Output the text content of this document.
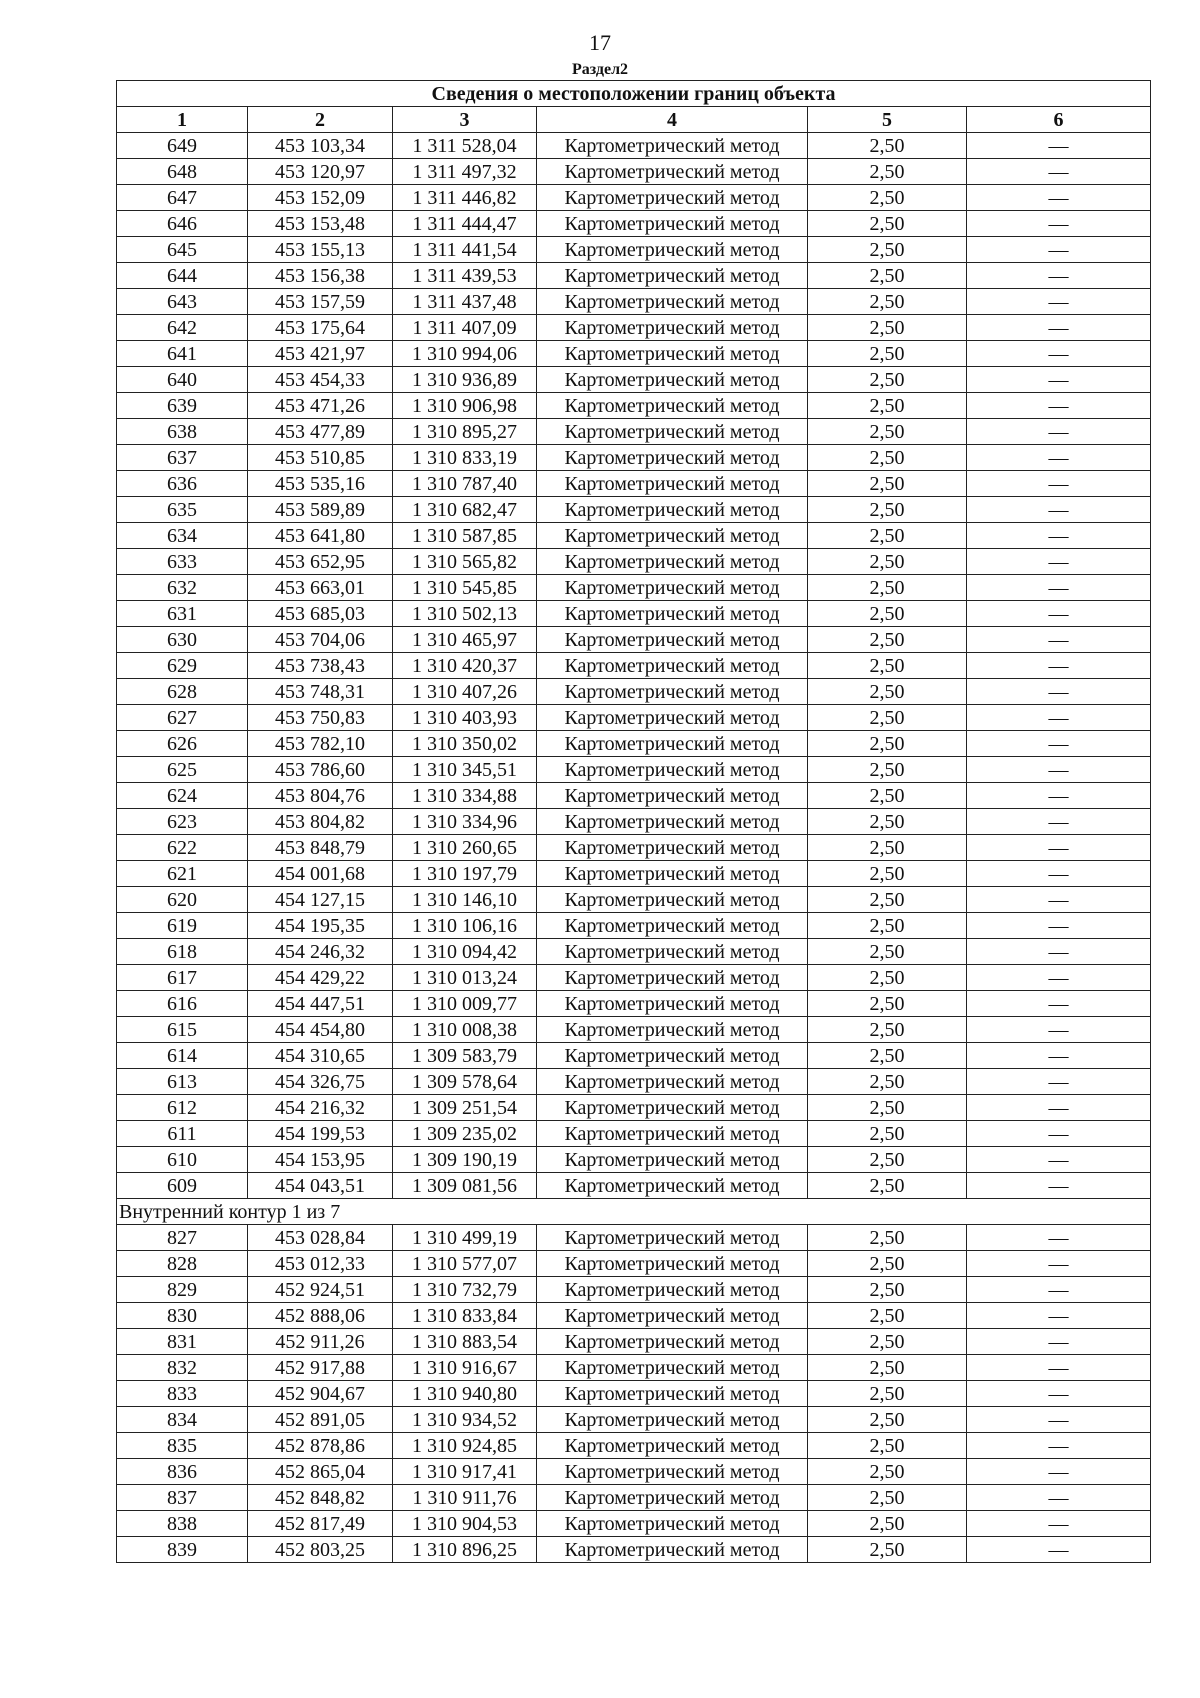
17
Раздел2
Сведения о местоположении границ объекта					
1	2	3	4	5	6
649	453 103,34	1 311 528,04	Картометрический метод	2,50	—
648	453 120,97	1 311 497,32	Картометрический метод	2,50	—
647	453 152,09	1 311 446,82	Картометрический метод	2,50	—
646	453 153,48	1 311 444,47	Картометрический метод	2,50	—
645	453 155,13	1 311 441,54	Картометрический метод	2,50	—
644	453 156,38	1 311 439,53	Картометрический метод	2,50	—
643	453 157,59	1 311 437,48	Картометрический метод	2,50	—
642	453 175,64	1 311 407,09	Картометрический метод	2,50	—
641	453 421,97	1 310 994,06	Картометрический метод	2,50	—
640	453 454,33	1 310 936,89	Картометрический метод	2,50	—
639	453 471,26	1 310 906,98	Картометрический метод	2,50	—
638	453 477,89	1 310 895,27	Картометрический метод	2,50	—
637	453 510,85	1 310 833,19	Картометрический метод	2,50	—
636	453 535,16	1 310 787,40	Картометрический метод	2,50	—
635	453 589,89	1 310 682,47	Картометрический метод	2,50	—
634	453 641,80	1 310 587,85	Картометрический метод	2,50	—
633	453 652,95	1 310 565,82	Картометрический метод	2,50	—
632	453 663,01	1 310 545,85	Картометрический метод	2,50	—
631	453 685,03	1 310 502,13	Картометрический метод	2,50	—
630	453 704,06	1 310 465,97	Картометрический метод	2,50	—
629	453 738,43	1 310 420,37	Картометрический метод	2,50	—
628	453 748,31	1 310 407,26	Картометрический метод	2,50	—
627	453 750,83	1 310 403,93	Картометрический метод	2,50	—
626	453 782,10	1 310 350,02	Картометрический метод	2,50	—
625	453 786,60	1 310 345,51	Картометрический метод	2,50	—
624	453 804,76	1 310 334,88	Картометрический метод	2,50	—
623	453 804,82	1 310 334,96	Картометрический метод	2,50	—
622	453 848,79	1 310 260,65	Картометрический метод	2,50	—
621	454 001,68	1 310 197,79	Картометрический метод	2,50	—
620	454 127,15	1 310 146,10	Картометрический метод	2,50	—
619	454 195,35	1 310 106,16	Картометрический метод	2,50	—
618	454 246,32	1 310 094,42	Картометрический метод	2,50	—
617	454 429,22	1 310 013,24	Картометрический метод	2,50	—
616	454 447,51	1 310 009,77	Картометрический метод	2,50	—
615	454 454,80	1 310 008,38	Картометрический метод	2,50	—
614	454 310,65	1 309 583,79	Картометрический метод	2,50	—
613	454 326,75	1 309 578,64	Картометрический метод	2,50	—
612	454 216,32	1 309 251,54	Картометрический метод	2,50	—
611	454 199,53	1 309 235,02	Картометрический метод	2,50	—
610	454 153,95	1 309 190,19	Картометрический метод	2,50	—
609	454 043,51	1 309 081,56	Картометрический метод	2,50	—
Внутренний контур 1 из 7					
827	453 028,84	1 310 499,19	Картометрический метод	2,50	—
828	453 012,33	1 310 577,07	Картометрический метод	2,50	—
829	452 924,51	1 310 732,79	Картометрический метод	2,50	—
830	452 888,06	1 310 833,84	Картометрический метод	2,50	—
831	452 911,26	1 310 883,54	Картометрический метод	2,50	—
832	452 917,88	1 310 916,67	Картометрический метод	2,50	—
833	452 904,67	1 310 940,80	Картометрический метод	2,50	—
834	452 891,05	1 310 934,52	Картометрический метод	2,50	—
835	452 878,86	1 310 924,85	Картометрический метод	2,50	—
836	452 865,04	1 310 917,41	Картометрический метод	2,50	—
837	452 848,82	1 310 911,76	Картометрический метод	2,50	—
838	452 817,49	1 310 904,53	Картометрический метод	2,50	—
839	452 803,25	1 310 896,25	Картометрический метод	2,50	—
